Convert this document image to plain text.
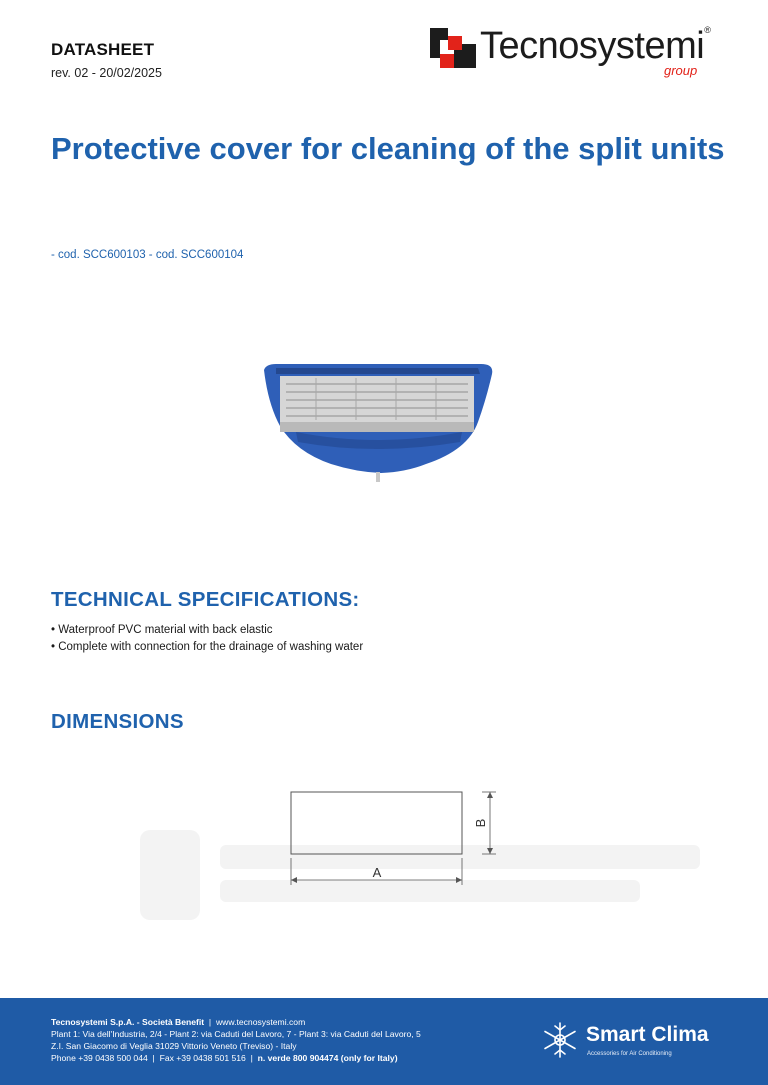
DATASHEET
rev. 02 - 20/02/2025
Tecnosystemi®
group
Protective cover for cleaning of the split units
- cod. SCC600103 - cod. SCC600104
TECHNICAL SPECIFICATIONS:
• Waterproof PVC material with back elastic
• Complete with connection for the drainage of washing water
DIMENSIONS
A
B
Tecnosystemi S.p.A. - Società Benefit  |  www.tecnosystemi.com
Plant 1: Via dell'Industria, 2/4 - Plant 2: via Caduti del Lavoro, 7 - Plant 3: via Caduti del Lavoro, 5
Z.I. San Giacomo di Veglia 31029 Vittorio Veneto (Treviso) - Italy
Phone +39 0438 500 044  |  Fax +39 0438 501 516  |  n. verde 800 904474 (only for Italy)
Smart Clima
Accessories for Air Conditioning
